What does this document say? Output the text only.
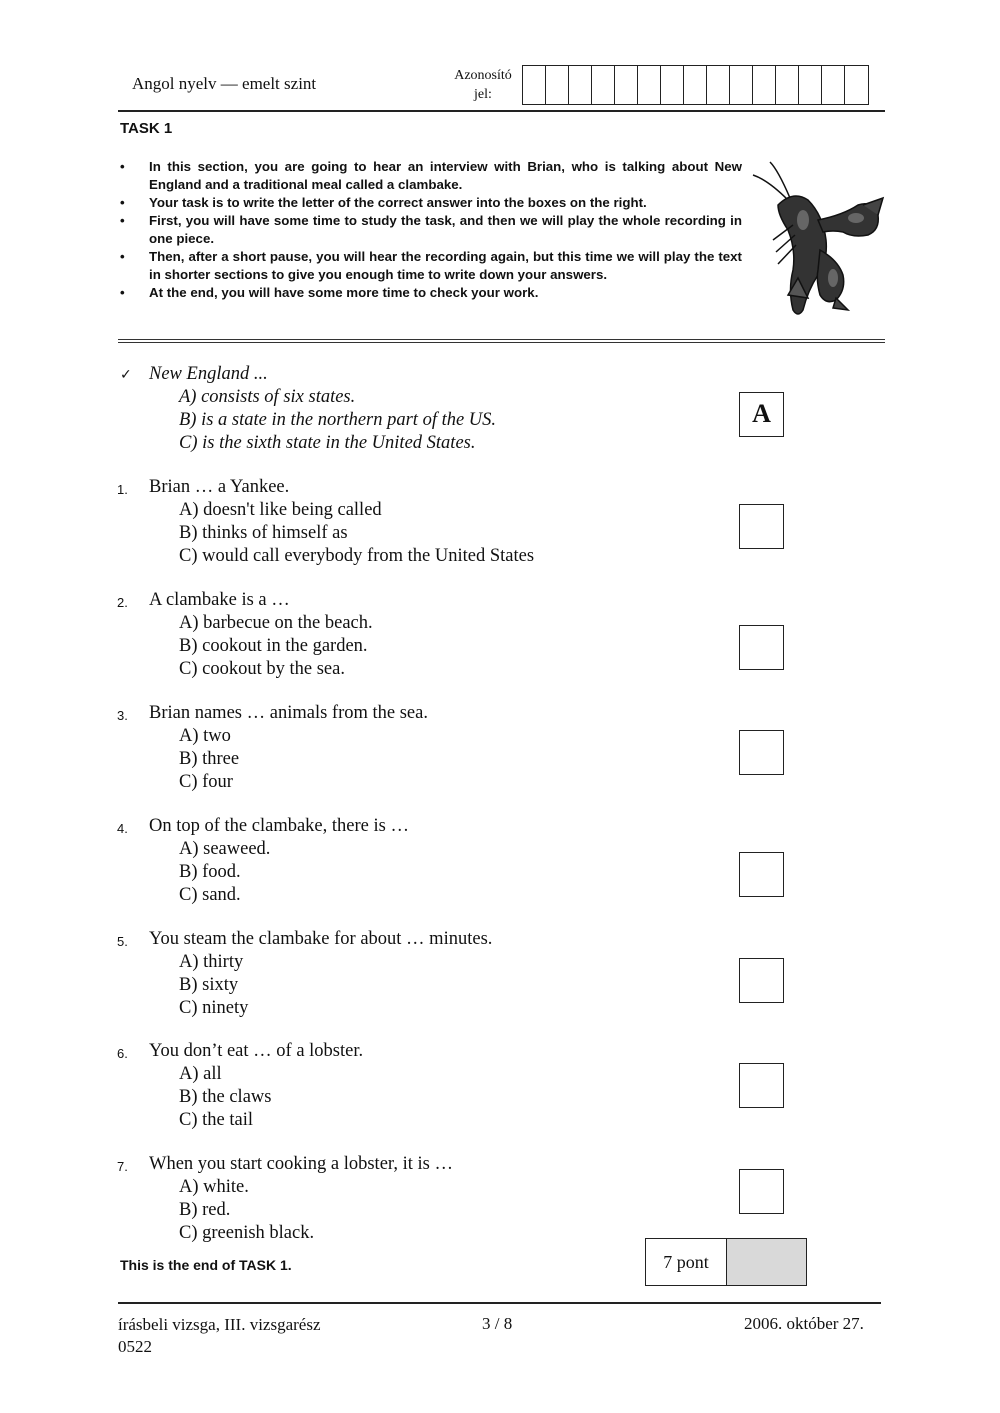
Angol nyelv — emelt szint	Azonosító
jel:
TASK 1
• In this section, you are going to hear an interview with Brian, who is talking about New England and a traditional meal called a clambake.
• Your task is to write the letter of the correct answer into the boxes on the right.
• First, you will have some time to study the task, and then we will play the whole recording in one piece.
• Then, after a short pause, you will hear the recording again, but this time we will play the text in shorter sections to give you enough time to write down your answers.
• At the end, you will have some more time to check your work.
✓ New England ...
A) consists of six states.
B) is a state in the northern part of the US.
C) is the sixth state in the United States.
A
1. Brian … a Yankee.
A) doesn't like being called
B) thinks of himself as
C) would call everybody from the United States
2. A clambake is a …
A) barbecue on the beach.
B) cookout in the garden.
C) cookout by the sea.
3. Brian names … animals from the sea.
A) two
B) three
C) four
4. On top of the clambake, there is …
A) seaweed.
B) food.
C) sand.
5. You steam the clambake for about … minutes.
A) thirty
B) sixty
C) ninety
6. You don’t eat … of a lobster.
A) all
B) the claws
C) the tail
7. When you start cooking a lobster, it is …
A) white.
B) red.
C) greenish black.
This is the end of TASK 1.	7 pont
írásbeli vizsga, III. vizsgarész
0522
3 / 8	2006. október 27.
